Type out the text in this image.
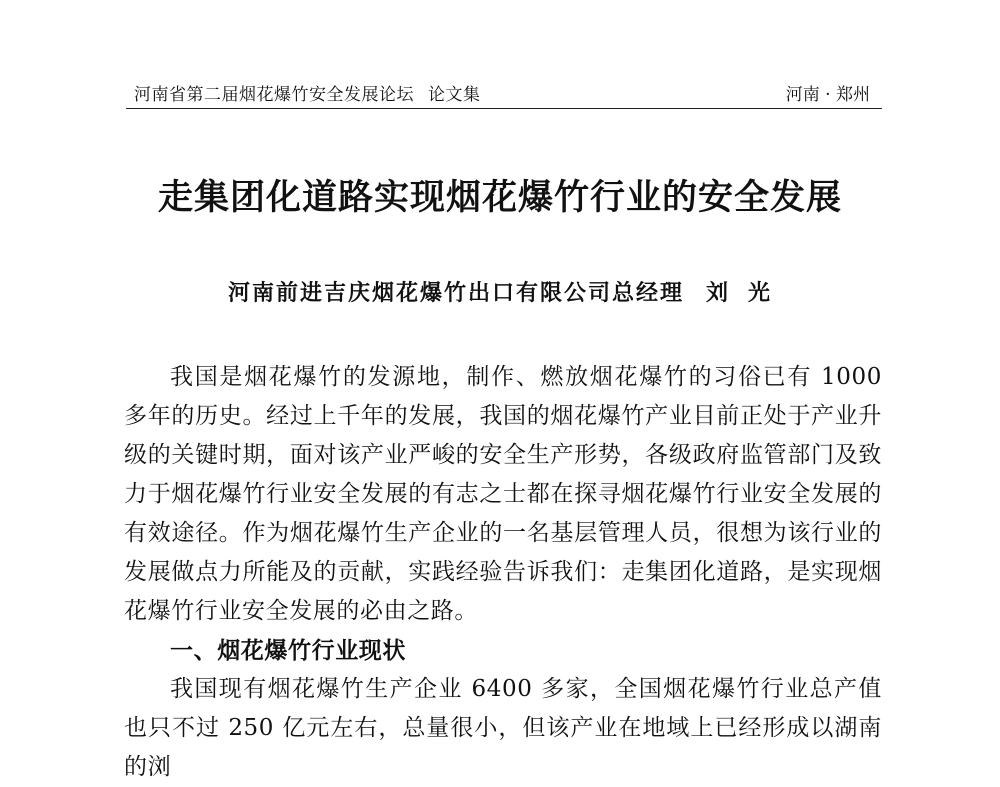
河南省第二届烟花爆竹安全发展论坛 论文集	河南 · 郑州
走集团化道路实现烟花爆竹行业的安全发展
河南前进吉庆烟花爆竹出口有限公司总经理 刘 光

我国是烟花爆竹的发源地，制作、燃放烟花爆竹的习俗已有 1000 多年的历史。经过上千年的发展，我国的烟花爆竹产业目前正处于产业升级的关键时期，面对该产业严峻的安全生产形势，各级政府监管部门及致力于烟花爆竹行业安全发展的有志之士都在探寻烟花爆竹行业安全发展的有效途径。作为烟花爆竹生产企业的一名基层管理人员，很想为该行业的发展做点力所能及的贡献，实践经验告诉我们：走集团化道路，是实现烟花爆竹行业安全发展的必由之路。

一、烟花爆竹行业现状

我国现有烟花爆竹生产企业 6400 多家，全国烟花爆竹行业总产值也只不过 250 亿元左右，总量很小，但该产业在地域上已经形成以湖南的浏
